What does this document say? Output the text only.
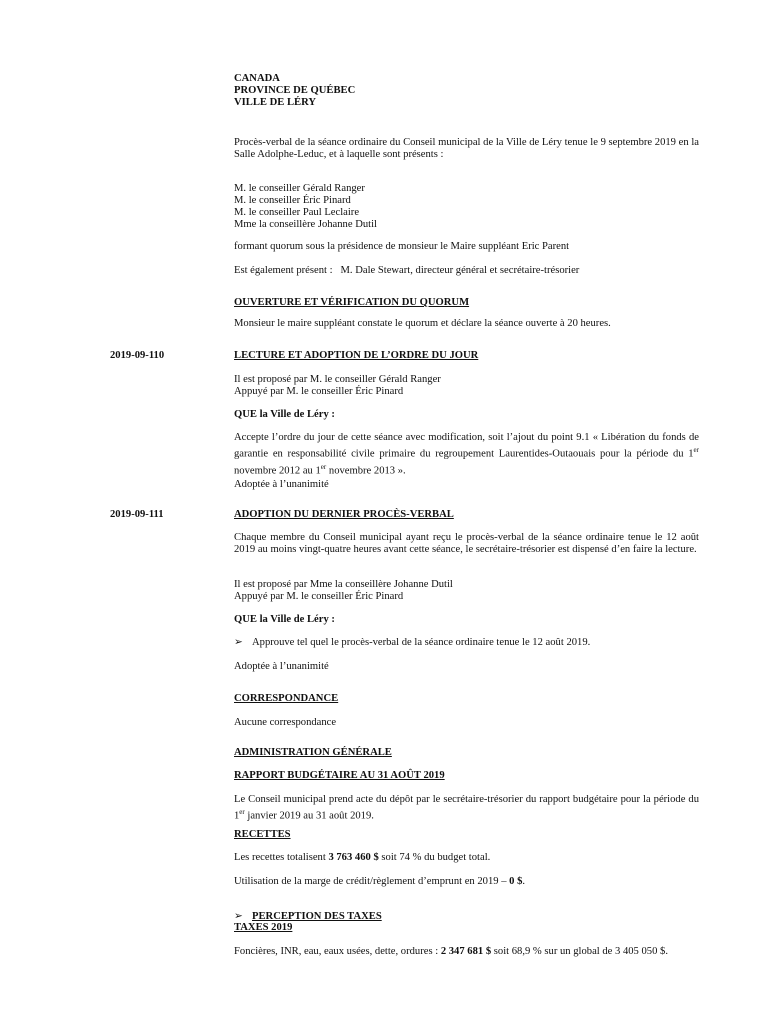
CANADA
PROVINCE DE QUÉBEC
VILLE DE LÉRY

Procès-verbal de la séance ordinaire du Conseil municipal de la Ville de Léry tenue le 9 septembre 2019 en la Salle Adolphe-Leduc, et à laquelle sont présents :

M. le conseiller Gérald Ranger
M. le conseiller Éric Pinard
M. le conseiller Paul Leclaire
Mme la conseillère Johanne Dutil

formant quorum sous la présidence de monsieur le Maire suppléant Eric Parent

Est également présent : M. Dale Stewart, directeur général et secrétaire-trésorier

OUVERTURE ET VÉRIFICATION DU QUORUM

Monsieur le maire suppléant constate le quorum et déclare la séance ouverte à 20 heures.

2019-09-110	LECTURE ET ADOPTION DE L’ORDRE DU JOUR

Il est proposé par M. le conseiller Gérald Ranger
Appuyé par M. le conseiller Éric Pinard

QUE la Ville de Léry :

Accepte l’ordre du jour de cette séance avec modification, soit l’ajout du point 9.1 « Libération du fonds de garantie en responsabilité civile primaire du regroupement Laurentides-Outaouais pour la période du 1er novembre 2012 au 1er novembre 2013 ».

Adoptée à l’unanimité

2019-09-111	ADOPTION DU DERNIER PROCÈS-VERBAL

Chaque membre du Conseil municipal ayant reçu le procès-verbal de la séance ordinaire tenue le 12 août 2019 au moins vingt-quatre heures avant cette séance, le secrétaire-trésorier est dispensé d’en faire la lecture.

Il est proposé par Mme la conseillère Johanne Dutil
Appuyé par M. le conseiller Éric Pinard

QUE la Ville de Léry :

➢ Approuve tel quel le procès-verbal de la séance ordinaire tenue le 12 août 2019.

Adoptée à l’unanimité

CORRESPONDANCE

Aucune correspondance

ADMINISTRATION GÉNÉRALE

RAPPORT BUDGÉTAIRE AU 31 AOÛT 2019

Le Conseil municipal prend acte du dépôt par le secrétaire-trésorier du rapport budgétaire pour la période du 1er janvier 2019 au 31 août 2019.

RECETTES

Les recettes totalisent 3 763 460 $ soit 74 % du budget total.

Utilisation de la marge de crédit/règlement d’emprunt en 2019 – 0 $.

➢ PERCEPTION DES TAXES

TAXES 2019

Foncières, INR, eau, eaux usées, dette, ordures : 2 347 681 $ soit 68,9 % sur un global de 3 405 050 $.
